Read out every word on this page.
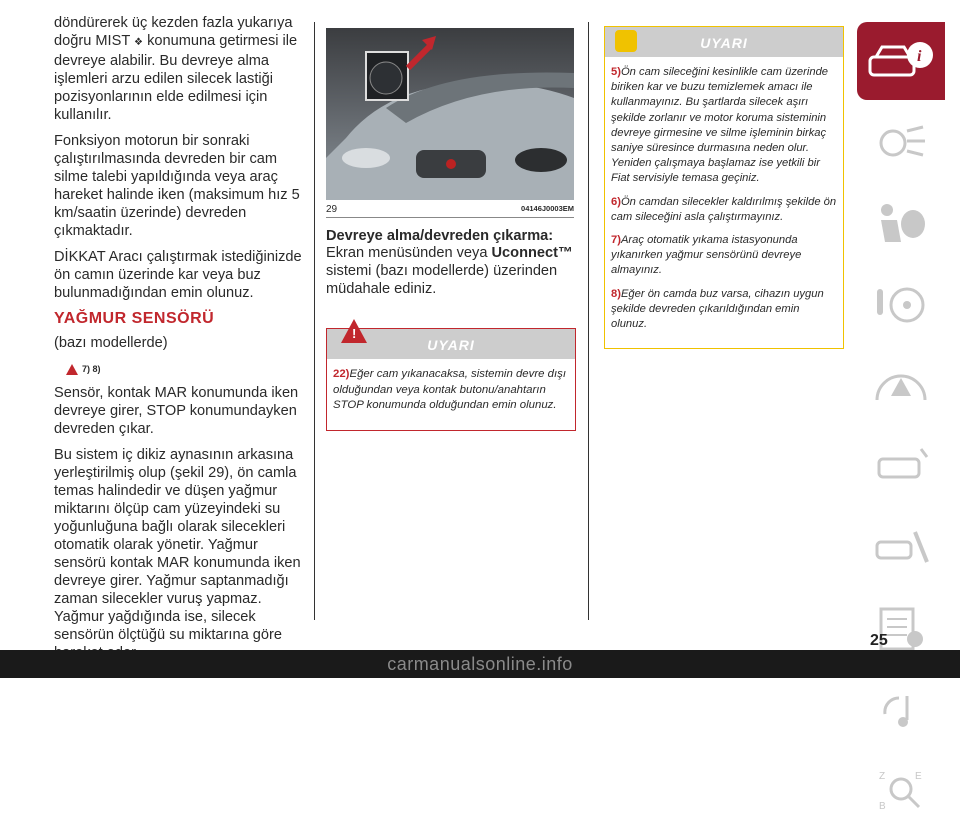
döndürerek üç kezden fazla yukarıya doğru MIST ❖ konumuna getirmesi ile devreye alabilir. Bu devreye alma işlemleri arzu edilen silecek lastiği pozisyonlarının elde edilmesi için kullanılır.

Fonksiyon motorun bir sonraki çalıştırılmasında devreden bir cam silme talebi yapıldığında veya araç hareket halinde iken (maksimum hız 5 km/saatin üzerinde) devreden çıkmaktadır.

DİKKAT Aracı çalıştırmak istediğinizde ön camın üzerinde kar veya buz bulunmadığından emin olunuz.

YAĞMUR SENSÖRÜ

(bazı modellerde)

7) 8)

Sensör, kontak MAR konumunda iken devreye girer, STOP konumundayken devreden çıkar.

Bu sistem iç dikiz aynasının arkasına yerleştirilmiş olup (şekil 29), ön camla temas halindedir ve düşen yağmur miktarını ölçüp cam yüzeyindeki su yoğunluğuna bağlı olarak silecekleri otomatik olarak yönetir. Yağmur sensörü kontak MAR konumunda iken devreye girer. Yağmur saptanmadığı zaman silecekler vuruş yapmaz. Yağmur yağdığında ise, silecek sensörün ölçtüğü su miktarına göre

29	04146J0003EM
Devreye alma/devreden çıkarma:

Ekran menüsünden veya Uconnect™ sistemi (bazı modellerde) üzerinden müdahale ediniz.

!
UYARI

22)Eğer cam yıkanacaksa, sistemin devre dışı olduğundan veya kontak butonu/anahtarın STOP konumunda olduğundan emin olunuz.

UYARI

5)Ön cam sileceğini kesinlikle cam üzerinde biriken kar ve buzu temizlemek amacı ile kullanmayınız. Bu şartlarda silecek aşırı şekilde zorlanır ve motor koruma sisteminin devreye girmesine ve silme işleminin birkaç saniye süresince durmasına neden olur. Yeniden çalışmaya başlamaz ise yetkili bir Fiat servisiyle temasa geçiniz.

6)Ön camdan silecekler kaldırılmış şekilde ön cam sileceğini asla çalıştırmayınız.

7)Araç otomatik yıkama istasyonunda yıkanırken yağmur sensörünü devreye almayınız.

8)Eğer ön camda buz varsa, cihazın uygun şekilde devreden çıkarıldığından emin olunuz.

i
Z	E
B
25
carmanualsonline.info
